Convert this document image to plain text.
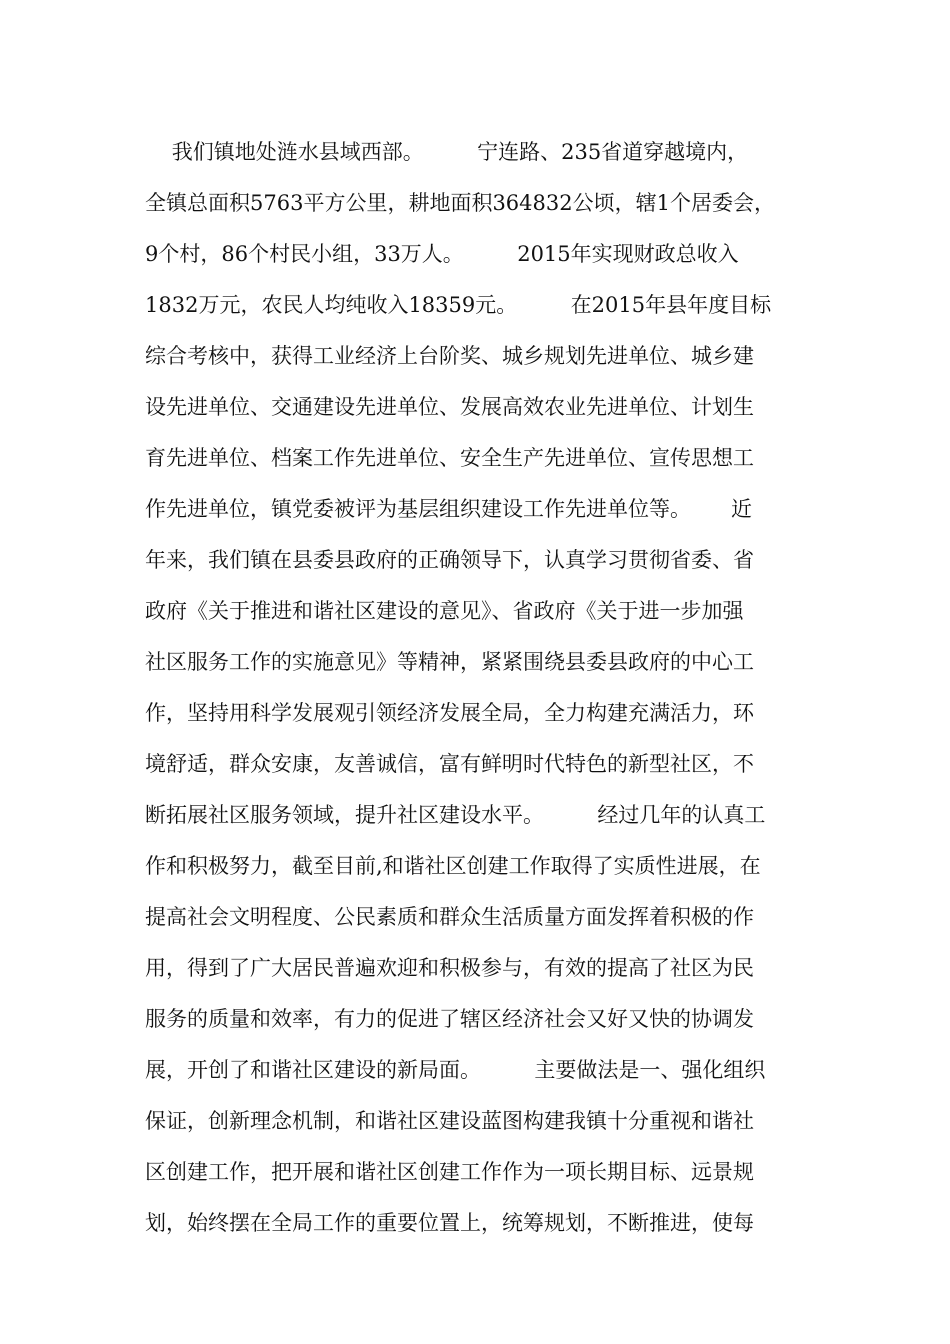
我们镇地处涟水县域西部。        宁连路、235省道穿越境内，
全镇总面积5763平方公里，耕地面积364832公顷，辖1个居委会，
9个村，86个村民小组，33万人。        2015年实现财政总收入
1832万元，农民人均纯收入18359元。        在2015年县年度目标
综合考核中，获得工业经济上台阶奖、城乡规划先进单位、城乡建
设先进单位、交通建设先进单位、发展高效农业先进单位、计划生
育先进单位、档案工作先进单位、安全生产先进单位、宣传思想工
作先进单位，镇党委被评为基层组织建设工作先进单位等。      近
年来，我们镇在县委县政府的正确领导下，认真学习贯彻省委、省
政府《关于推进和谐社区建设的意见》、省政府《关于进一步加强
社区服务工作的实施意见》等精神，紧紧围绕县委县政府的中心工
作，坚持用科学发展观引领经济发展全局，全力构建充满活力，环
境舒适，群众安康，友善诚信，富有鲜明时代特色的新型社区，不
断拓展社区服务领域，提升社区建设水平。        经过几年的认真工
作和积极努力，截至目前,和谐社区创建工作取得了实质性进展，在
提高社会文明程度、公民素质和群众生活质量方面发挥着积极的作
用，得到了广大居民普遍欢迎和积极参与，有效的提高了社区为民
服务的质量和效率，有力的促进了辖区经济社会又好又快的协调发
展，开创了和谐社区建设的新局面。        主要做法是一、强化组织
保证，创新理念机制，和谐社区建设蓝图构建我镇十分重视和谐社
区创建工作，把开展和谐社区创建工作作为一项长期目标、远景规
划，始终摆在全局工作的重要位置上，统筹规划，不断推进，使每
